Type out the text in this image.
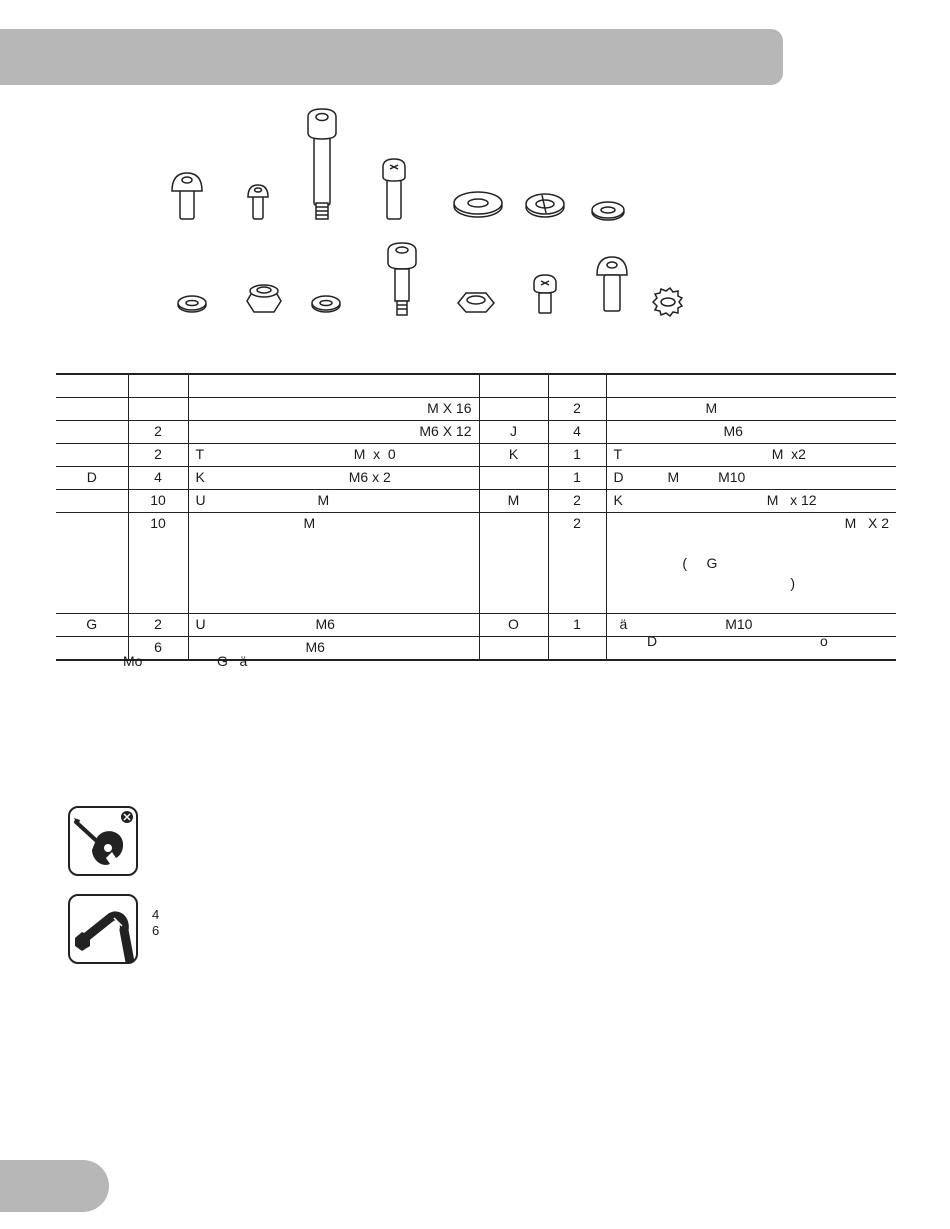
		M X 16		2	M
	2	M6 X 12	J	4	M6
	2	T M  x  0	K	1	T M  x2
D	4	K M6 x 2		1	D M          M10
	10	U M	M	2	K M   x 12
	10	M		2	M   X 2

(     G
)

G	2	U M6	O	1	ä M10
	6	M6				D	o
Mo	G   ä
4
6
